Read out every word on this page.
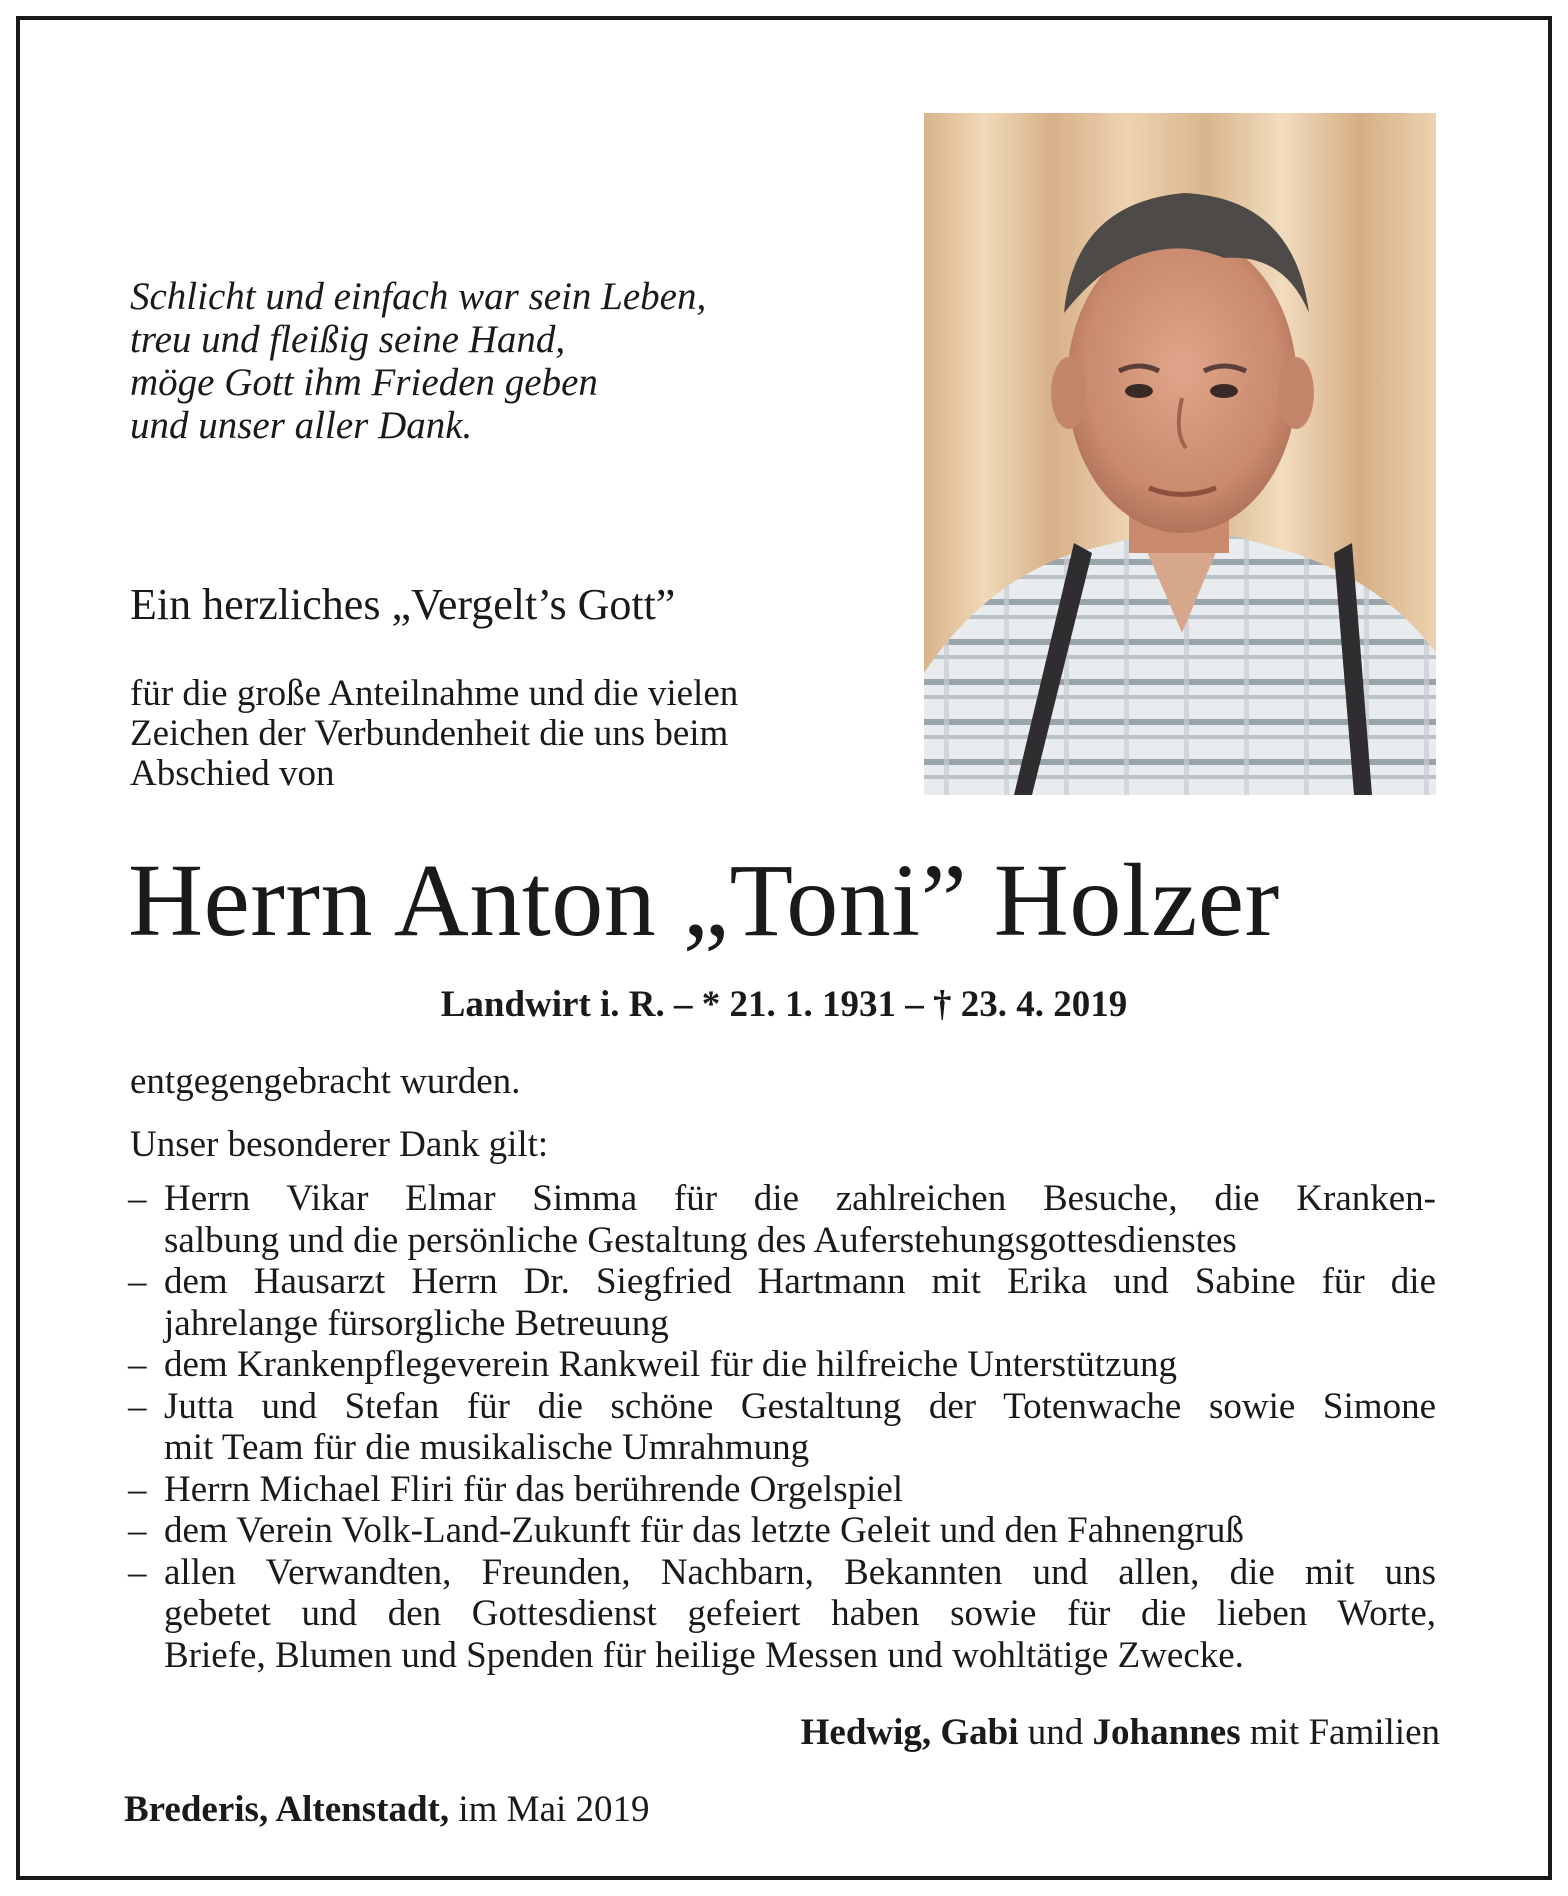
Schlicht und einfach war sein Leben,
treu und fleißig seine Hand,
möge Gott ihm Frieden geben
und unser aller Dank.
Ein herzliches „Vergelt’s Gott”
für die große Anteilnahme und die vielen
Zeichen der Verbundenheit die uns beim
Abschied von
Herrn Anton „Toni” Holzer
Landwirt i. R. – * 21. 1. 1931 – † 23. 4. 2019
entgegengebracht wurden.
Unser besonderer Dank gilt:
– Herrn Vikar Elmar Simma für die zahlreichen Besuche, die Kranken-
salbung und die persönliche Gestaltung des Auferstehungsgottesdienstes
– dem Hausarzt Herrn Dr. Siegfried Hartmann mit Erika und Sabine für die
jahrelange fürsorgliche Betreuung
– dem Krankenpflegeverein Rankweil für die hilfreiche Unterstützung
– Jutta und Stefan für die schöne Gestaltung der Totenwache sowie Simone
mit Team für die musikalische Umrahmung
– Herrn Michael Fliri für das berührende Orgelspiel
– dem Verein Volk-Land-Zukunft für das letzte Geleit und den Fahnengruß
– allen Verwandten, Freunden, Nachbarn, Bekannten und allen, die mit uns
gebetet und den Gottesdienst gefeiert haben sowie für die lieben Worte,
Briefe, Blumen und Spenden für heilige Messen und wohltätige Zwecke.
Hedwig, Gabi und Johannes mit Familien
Brederis, Altenstadt, im Mai 2019
